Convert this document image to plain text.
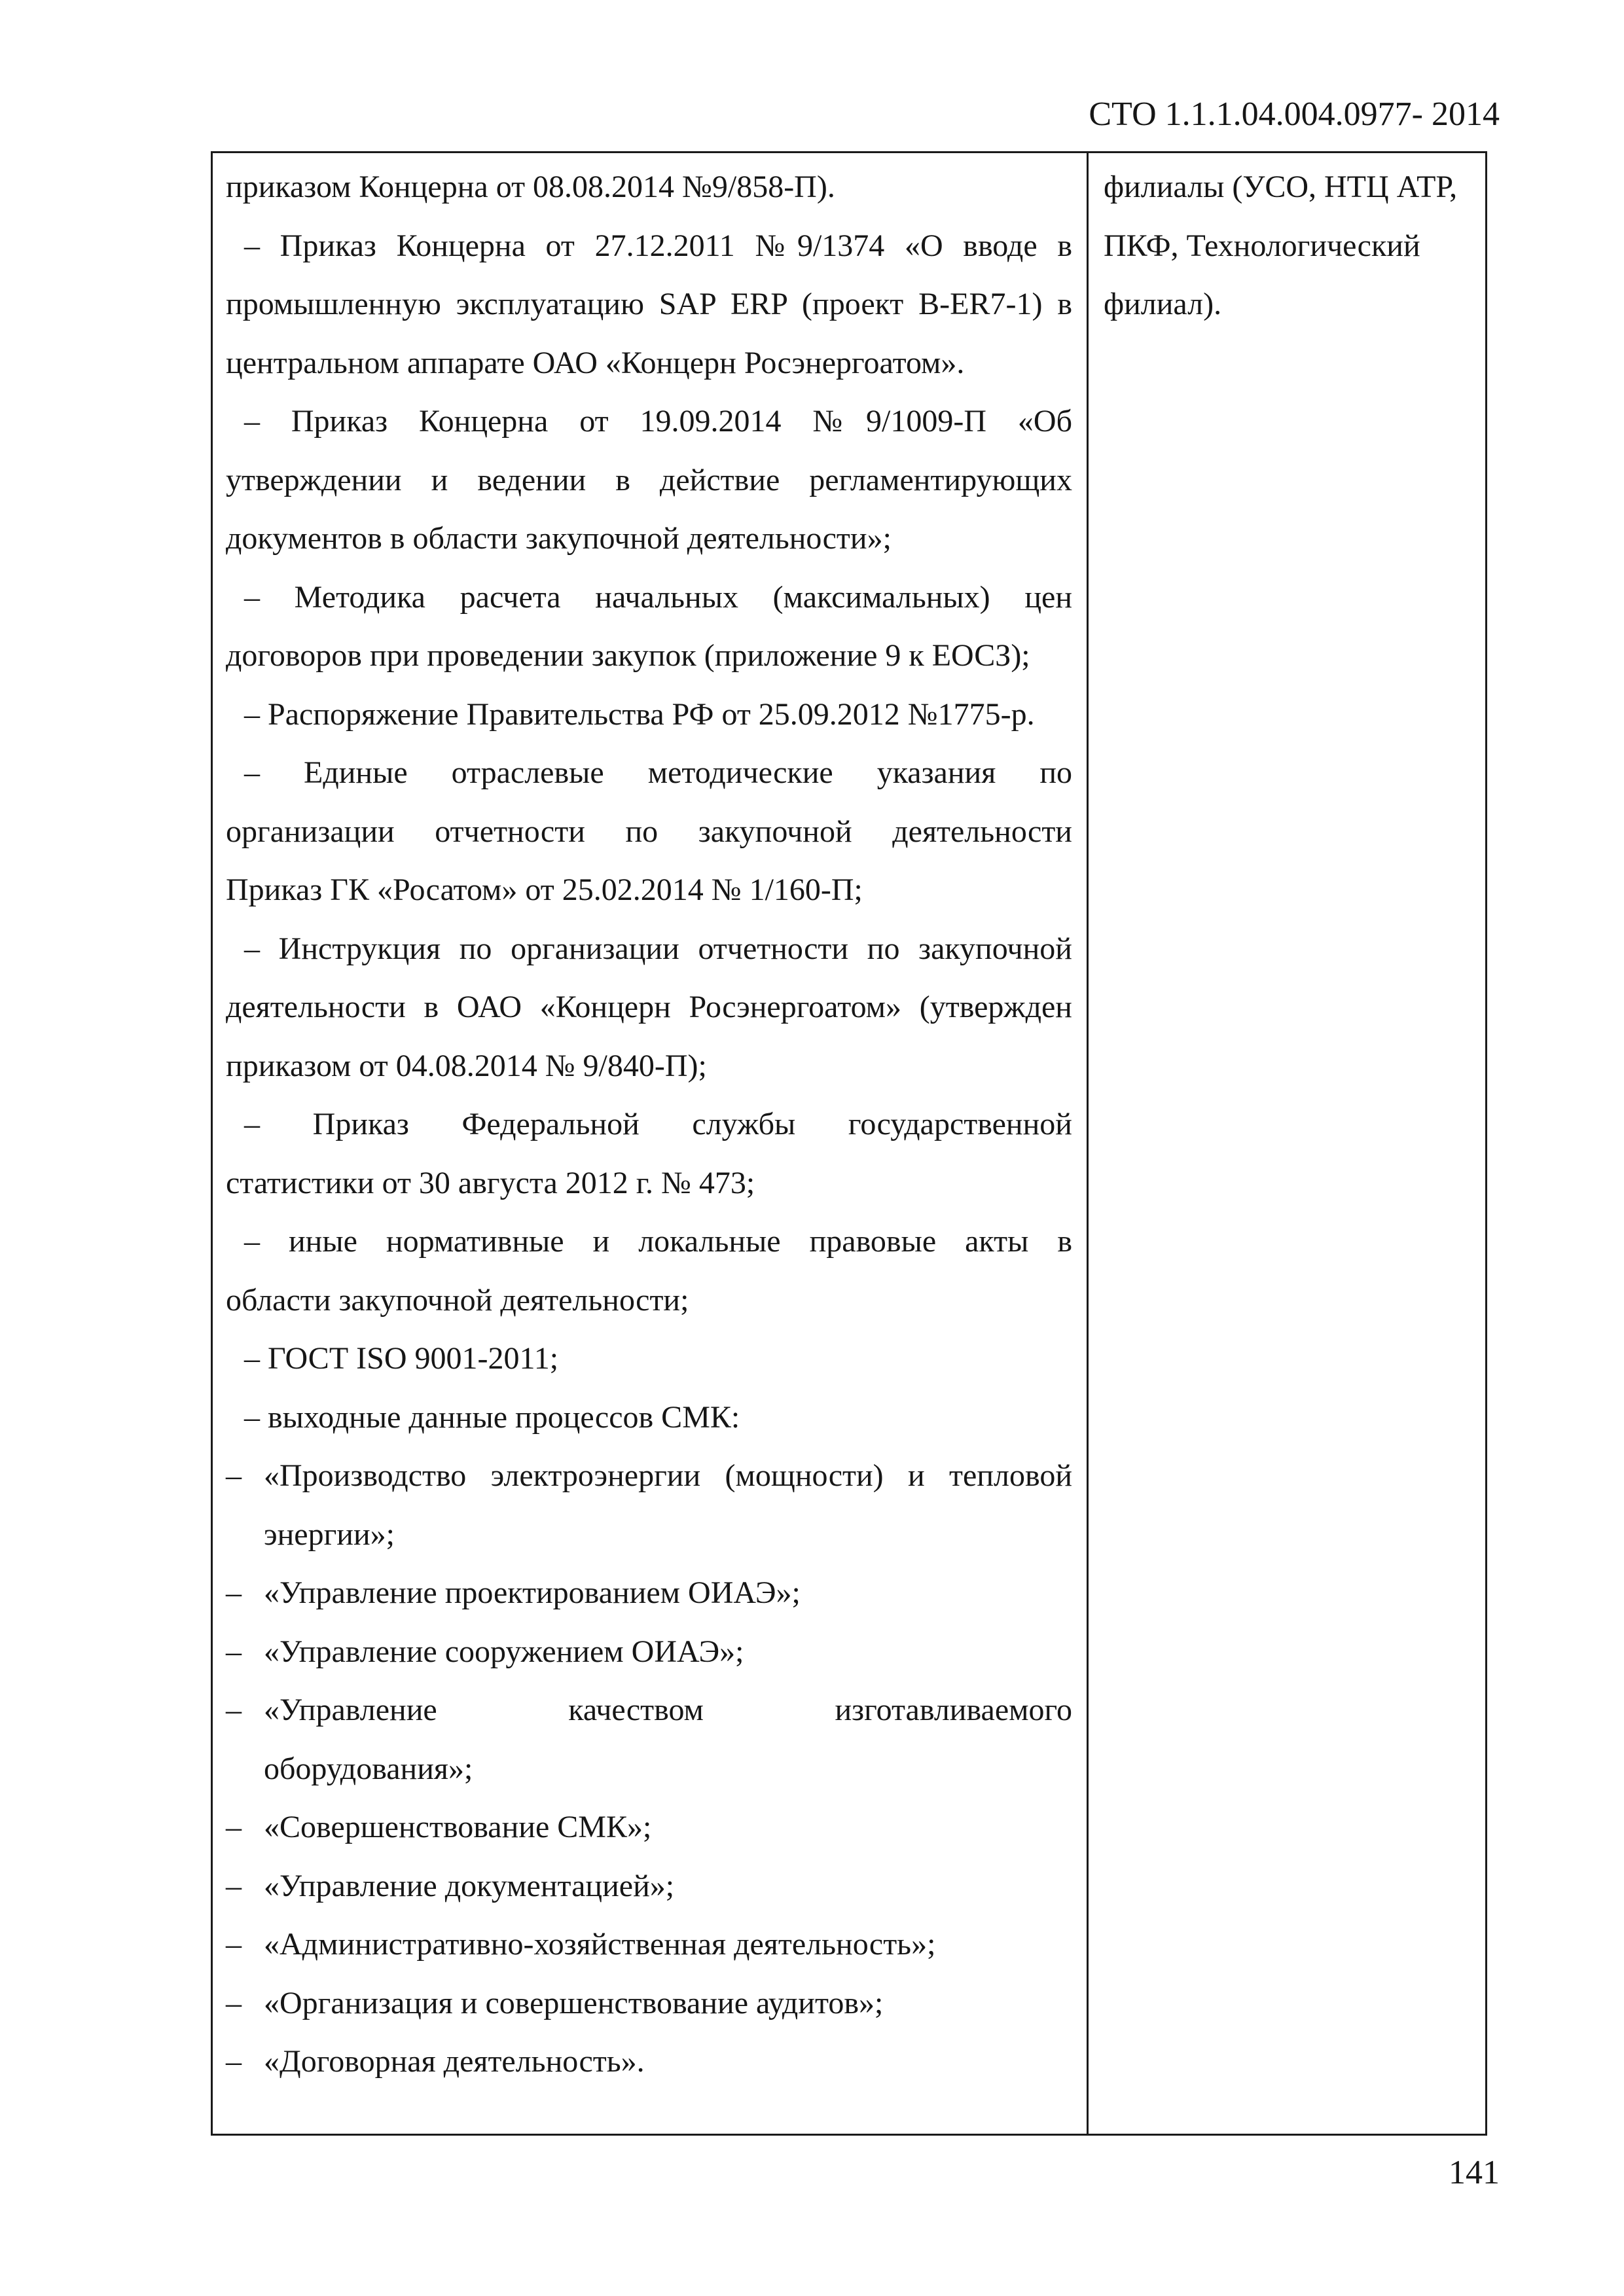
СТО 1.1.1.04.004.0977- 2014
приказом Концерна от 08.08.2014 №9/858-П).
– Приказ Концерна от 27.12.2011 №9/1374 «О вводе в
промышленную эксплуатацию SAP ERP (проект B-ER7-1) в
центральном аппарате ОАО «Концерн Росэнергоатом».
– Приказ Концерна от 19.09.2014 №9/1009-П «Об
утверждении и ведении в действие регламентирующих
документов в области закупочной деятельности»;
– Методика расчета начальных (максимальных) цен
договоров при проведении закупок (приложение 9 к ЕОСЗ);
– Распоряжение Правительства РФ от 25.09.2012 №1775-р.
– Единые отраслевые методические указания по
организации отчетности по закупочной деятельности
Приказ ГК «Росатом» от 25.02.2014 № 1/160-П;
– Инструкция по организации отчетности по закупочной
деятельности в ОАО «Концерн Росэнергоатом» (утвержден
приказом от 04.08.2014 № 9/840-П);
– Приказ Федеральной службы государственной
статистики от 30 августа 2012 г. № 473;
– иные нормативные и локальные правовые акты в
области закупочной деятельности;
– ГОСТ ISO 9001-2011;
– выходные данные процессов СМК:
– «Производство электроэнергии (мощности) и тепловой
энергии»;
– «Управление проектированием ОИАЭ»;
– «Управление сооружением ОИАЭ»;
– «Управление качеством изготавливаемого
оборудования»;
– «Совершенствование СМК»;
– «Управление документацией»;
– «Административно-хозяйственная деятельность»;
– «Организация и совершенствование аудитов»;
– «Договорная деятельность».
филиалы (УСО, НТЦ АТР,
ПКФ, Технологический
филиал).
141
